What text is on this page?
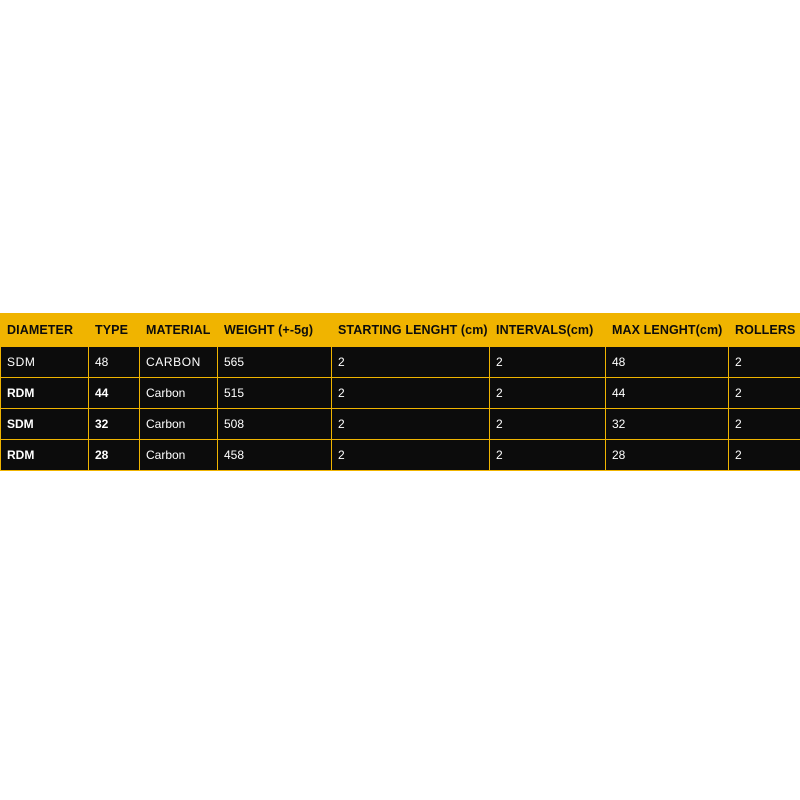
DIAMETER	TYPE	MATERIAL	WEIGHT (+-5g)	STARTING LENGHT (cm)	INTERVALS(cm)	MAX LENGHT(cm)	ROLLERS
SDM	48	CARBON	565	2	2	48	2
RDM	44	Carbon	515	2	2	44	2
SDM	32	Carbon	508	2	2	32	2
RDM	28	Carbon	458	2	2	28	2
